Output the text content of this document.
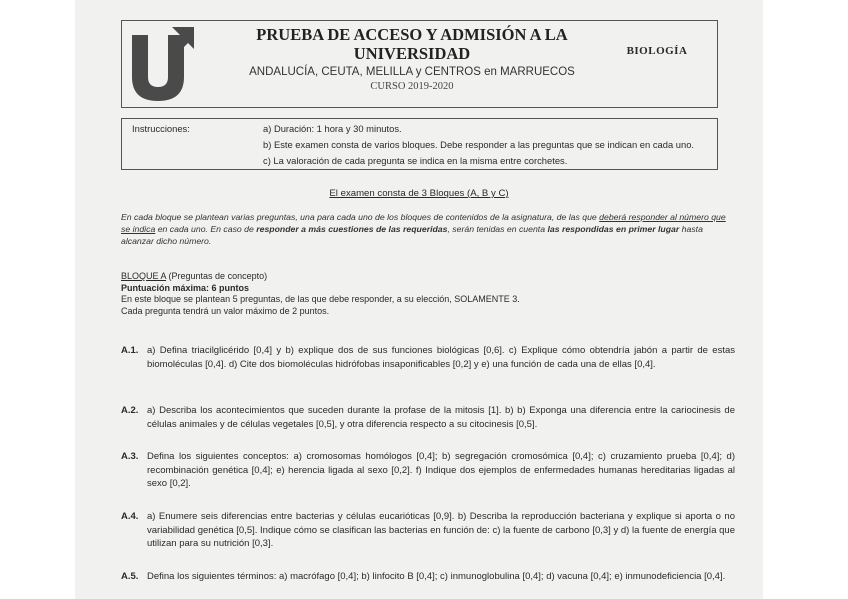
PRUEBA DE ACCESO Y ADMISIÓN A LA
UNIVERSIDAD
ANDALUCÍA, CEUTA, MELILLA y CENTROS en MARRUECOS
CURSO 2019-2020
BIOLOGÍA
Instrucciones:	a) Duración: 1 hora y 30 minutos.
b) Este examen consta de varios bloques. Debe responder a las preguntas que se indican en cada uno.
c) La valoración de cada pregunta se indica en la misma entre corchetes.
El examen consta de 3 Bloques (A, B y C)
En cada bloque se plantean varias preguntas, una para cada uno de los bloques de contenidos de la asignatura, de las que deberá responder al número que se indica en cada uno. En caso de responder a más cuestiones de las requeridas, serán tenidas en cuenta las respondidas en primer lugar hasta alcanzar dicho número.
BLOQUE A (Preguntas de concepto)
Puntuación máxima: 6 puntos
En este bloque se plantean 5 preguntas, de las que debe responder, a su elección, SOLAMENTE 3.
Cada pregunta tendrá un valor máximo de 2 puntos.
A.1. a) Defina triacilglicérido [0,4] y b) explique dos de sus funciones biológicas [0,6]. c) Explique cómo obtendría jabón a partir de estas biomoléculas [0,4]. d) Cite dos biomoléculas hidrófobas insaponificables [0,2] y e) una función de cada una de ellas [0,4].
A.2. a) Describa los acontecimientos que suceden durante la profase de la mitosis [1]. b) b) Exponga una diferencia entre la cariocinesis de células animales y de células vegetales [0,5], y otra diferencia respecto a su citocinesis [0,5].
A.3. Defina los siguientes conceptos: a) cromosomas homólogos [0,4]; b) segregación cromosómica [0,4]; c) cruzamiento prueba [0,4]; d) recombinación genética [0,4]; e) herencia ligada al sexo [0,2]. f) Indique dos ejemplos de enfermedades humanas hereditarias ligadas al sexo [0,2].
A.4. a) Enumere seis diferencias entre bacterias y células eucarióticas [0,9]. b) Describa la reproducción bacteriana y explique si aporta o no variabilidad genética [0,5]. Indique cómo se clasifican las bacterias en función de: c) la fuente de carbono [0,3] y d) la fuente de energía que utilizan para su nutrición [0,3].
A.5. Defina los siguientes términos: a) macrófago [0,4]; b) linfocito B [0,4]; c) inmunoglobulina [0,4]; d) vacuna [0,4]; e) inmunodeficiencia [0,4].
